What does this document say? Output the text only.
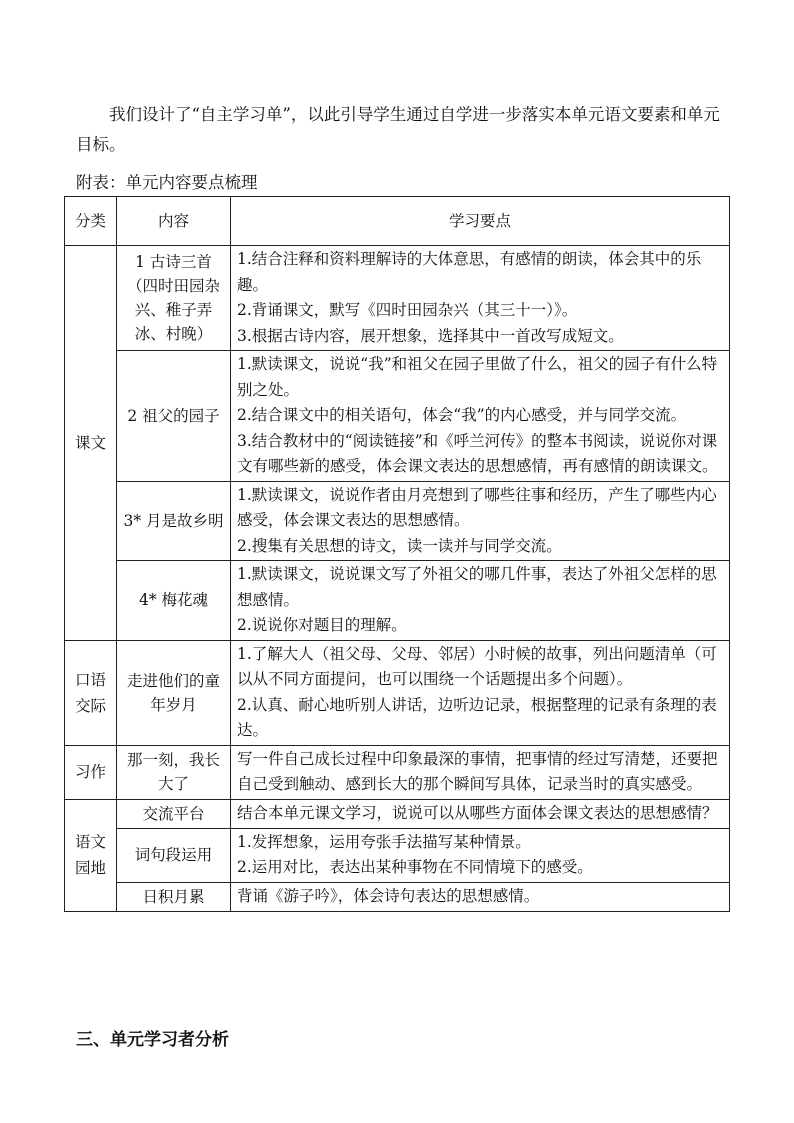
我们设计了“自主学习单”，以此引导学生通过自学进一步落实本单元语文要素和单元目标。

附表：单元内容要点梳理

分类	内容	学习要点
课文	1 古诗三首（四时田园杂兴、稚子弄冰、村晚）	1.结合注释和资料理解诗的大体意思，有感情的朗读，体会其中的乐趣。
2.背诵课文，默写《四时田园杂兴（其三十一）》。
3.根据古诗内容，展开想象，选择其中一首改写成短文。

	2 祖父的园子	1.默读课文，说说“我”和祖父在园子里做了什么，祖父的园子有什么特别之处。
2.结合课文中的相关语句，体会“我”的内心感受，并与同学交流。
3.结合教材中的“阅读链接”和《呼兰河传》的整本书阅读，说说你对课文有哪些新的感受，体会课文表达的思想感情，再有感情的朗读课文。

	3* 月是故乡明	1.默读课文，说说作者由月亮想到了哪些往事和经历，产生了哪些内心感受，体会课文表达的思想感情。
2.搜集有关思想的诗文，读一读并与同学交流。

	4* 梅花魂	1.默读课文，说说课文写了外祖父的哪几件事，表达了外祖父怎样的思想感情。
2.说说你对题目的理解。

口语交际	走进他们的童年岁月	1.了解大人（祖父母、父母、邻居）小时候的故事，列出问题清单（可以从不同方面提问，也可以围绕一个话题提出多个问题）。
2.认真、耐心地听别人讲话，边听边记录，根据整理的记录有条理的表达。

习作	那一刻，我长大了	写一件自己成长过程中印象最深的事情，把事情的经过写清楚，还要把自己受到触动、感到长大的那个瞬间写具体，记录当时的真实感受。

语文园地	交流平台	结合本单元课文学习，说说可以从哪些方面体会课文表达的思想感情？

	词句段运用	1.发挥想象，运用夸张手法描写某种情景。
2.运用对比，表达出某种事物在不同情境下的感受。

	日积月累	背诵《游子吟》，体会诗句表达的思想感情。

三、单元学习者分析
